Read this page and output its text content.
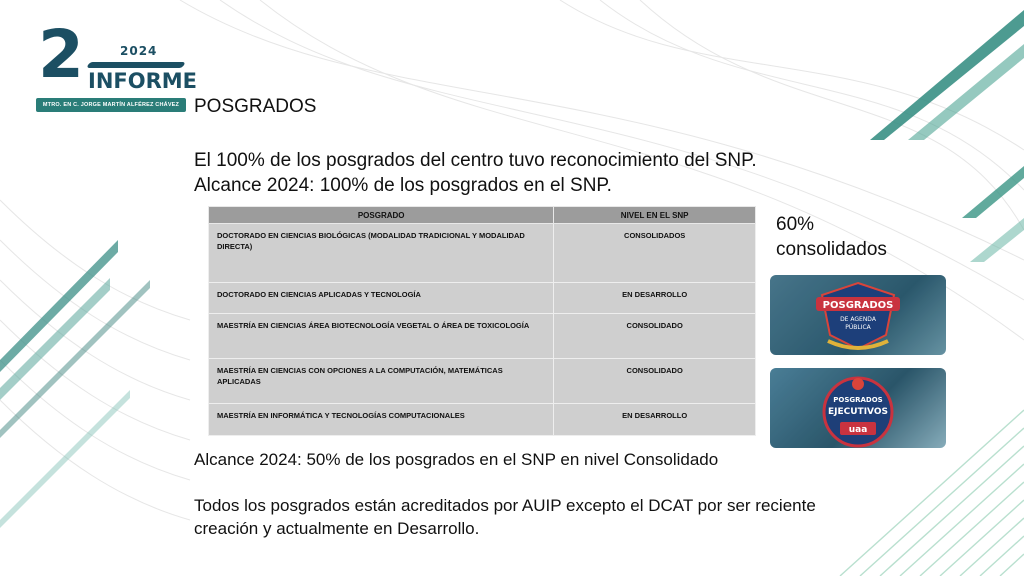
2	2024
INFORME
MTRO. EN C. JORGE MARTÍN ALFÉREZ CHÁVEZ POSGRADOS
El 100% de los posgrados del centro tuvo reconocimiento del SNP.
Alcance 2024: 100% de los posgrados en el SNP.
POSGRADO	NIVEL EN EL SNP
DOCTORADO EN CIENCIAS BIOLÓGICAS (MODALIDAD TRADICIONAL Y MODALIDAD DIRECTA)	CONSOLIDADOS
DOCTORADO EN CIENCIAS APLICADAS Y TECNOLOGÍA	EN DESARROLLO
MAESTRÍA EN CIENCIAS ÁREA BIOTECNOLOGÍA VEGETAL O ÁREA DE TOXICOLOGÍA	CONSOLIDADO
MAESTRÍA EN CIENCIAS CON OPCIONES A LA COMPUTACIÓN, MATEMÁTICAS APLICADAS	CONSOLIDADO
MAESTRÍA EN INFORMÁTICA Y TECNOLOGÍAS COMPUTACIONALES	EN DESARROLLO
60%
consolidados
POSGRADOS
DE AGENDA
PÚBLICA
POSGRADOS
EJECUTIVOS
uaa
Alcance 2024: 50% de los posgrados en el SNP en nivel Consolidado
Todos los posgrados están acreditados por AUIP excepto el DCAT por ser reciente creación y actualmente en Desarrollo.
